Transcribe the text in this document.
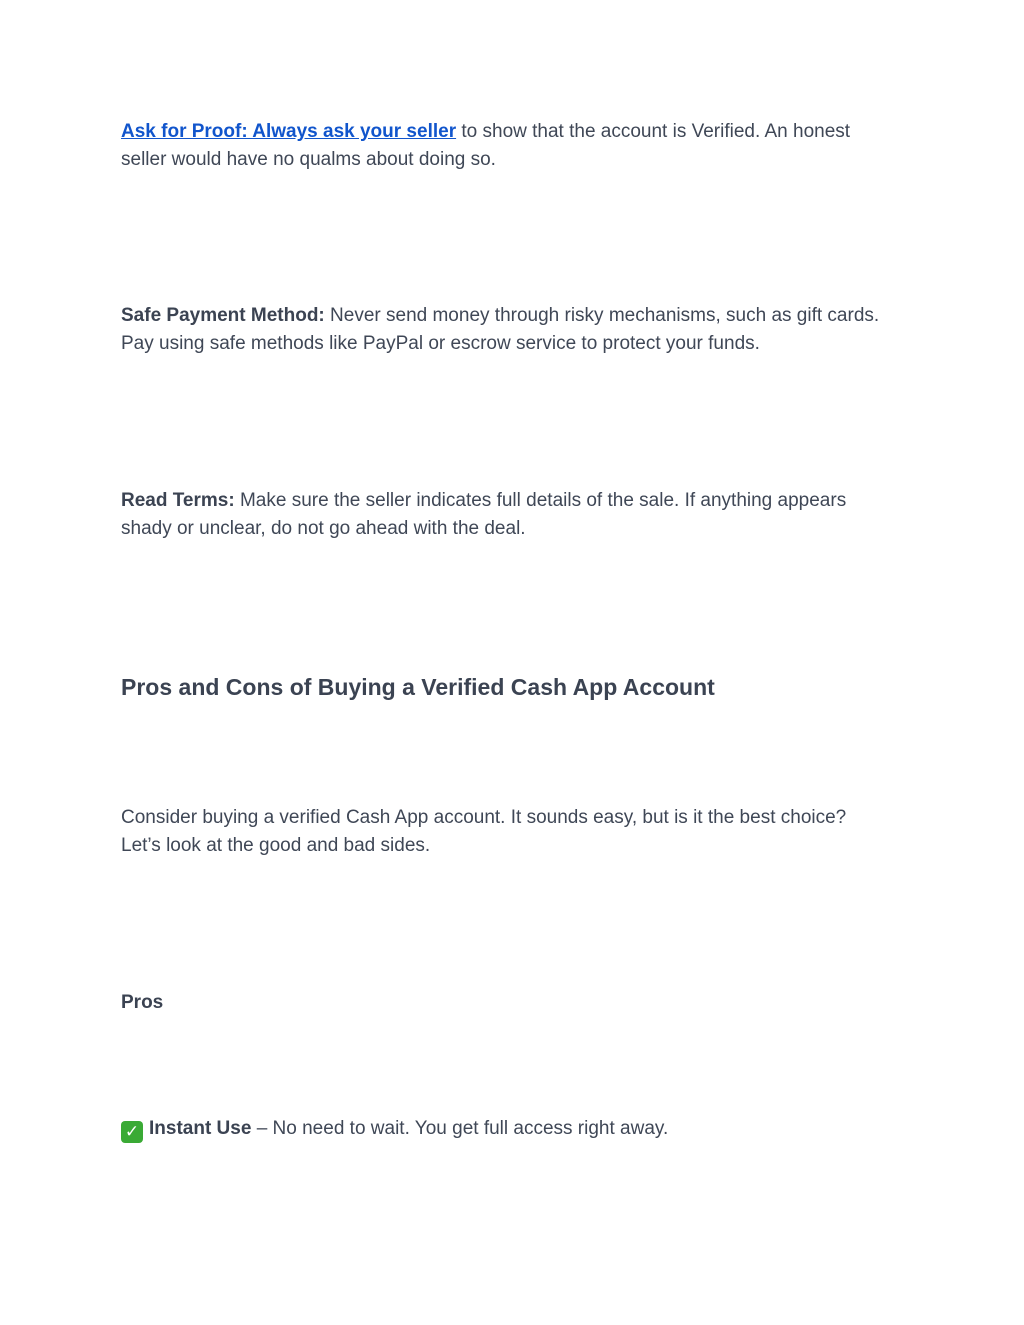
Ask for Proof: Always ask your seller to show that the account is Verified. An honest seller would have no qualms about doing so.

Safe Payment Method: Never send money through risky mechanisms, such as gift cards. Pay using safe methods like PayPal or escrow service to protect your funds.

Read Terms: Make sure the seller indicates full details of the sale. If anything appears shady or unclear, do not go ahead with the deal.

Pros and Cons of Buying a Verified Cash App Account

Consider buying a verified Cash App account. It sounds easy, but is it the best choice? Let’s look at the good and bad sides.

Pros

✓ Instant Use – No need to wait. You get full access right away.
